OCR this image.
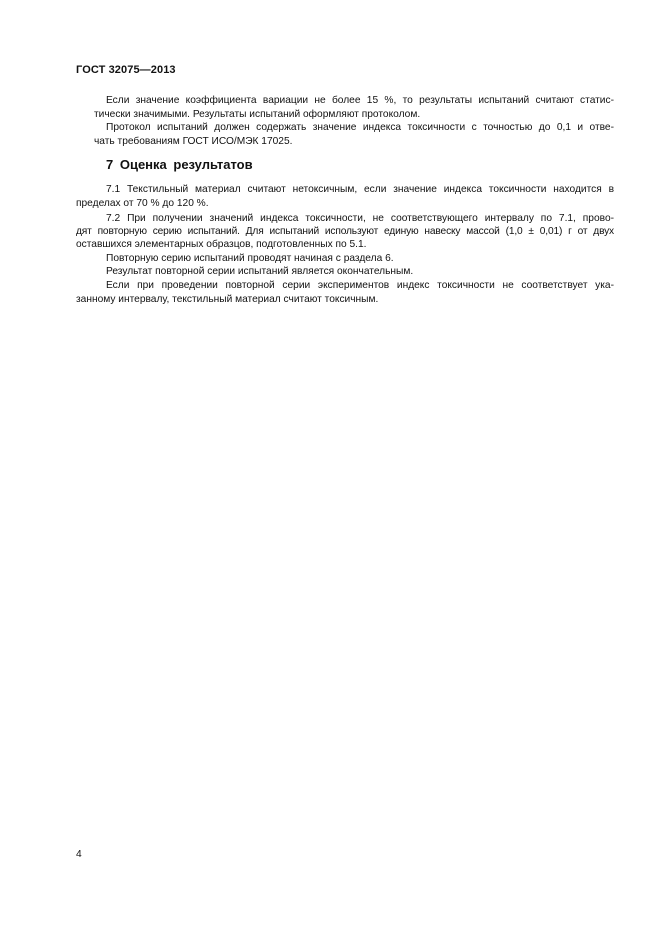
ГОСТ 32075—2013
Если значение коэффициента вариации не более 15 %, то результаты испытаний считают статис-
тически значимыми. Результаты испытаний оформляют протоколом.
Протокол испытаний должен содержать значение индекса токсичности с точностью до 0,1 и отве-
чать требованиям ГОСТ ИСО/МЭК 17025.
7 Оценка результатов
7.1 Текстильный материал считают нетоксичным, если значение индекса токсичности находится в
пределах от 70 % до 120 %.
7.2 При получении значений индекса токсичности, не соответствующего интервалу по 7.1, прово-
дят повторную серию испытаний. Для испытаний используют единую навеску массой (1,0 ± 0,01) г от двух
оставшихся элементарных образцов, подготовленных по 5.1.
Повторную серию испытаний проводят начиная с раздела 6.
Результат повторной серии испытаний является окончательным.
Если при проведении повторной серии экспериментов индекс токсичности не соответствует ука-
занному интервалу, текстильный материал считают токсичным.
4
